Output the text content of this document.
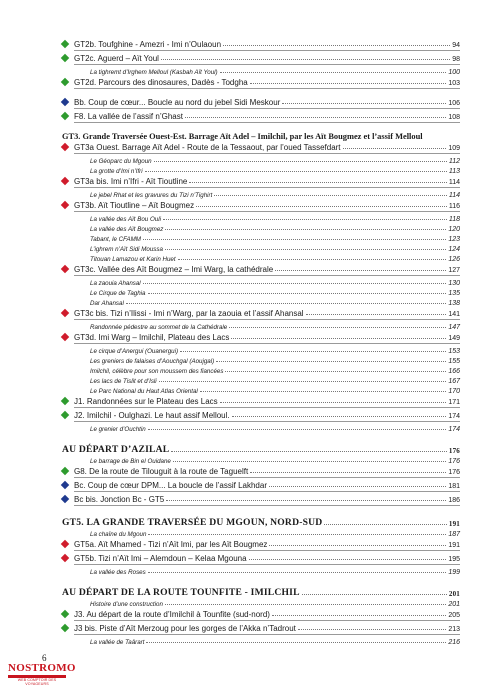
GT2b. Toufghine - Amezri - Imi n’Oulaoun	94
GT2c. Aguerd – Aït Youl	98
La tighremt d’Irghem Melloul (Kasbah Aït Youl)	100
GT2d. Parcours des dinosaures, Dadès - Todgha	103
Bb. Coup de cœur... Boucle au nord du jebel Sidi Meskour	106
F8. La vallée de l’assif n’Ghast	108
GT3. Grande Traversée Ouest-Est. Barrage Aït Adel – Imilchil, par les Aït Bougmez et l’assif Melloul
GT3a Ouest. Barrage Aït Adel - Route de la Tessaout, par l’oued Tassefdart	109
Le Géoparc du Mgoun	112
La grotte d’Imi n’Ifri	113
GT3a bis. Imi n’Ifri - Aït Tioutline	114
Le jebel Rhat et les gravures du Tizi n’Tighirt	114
GT3b. Aït Tioutline – Aït Bougmez	116
La vallée des Aït Bou Ouli	118
La vallée des Aït Bougmez	120
Tabant, le CFAMM	123
L’ighrem n’Aït Sidi Moussa	124
Titouan Lamazou et Karin Huet	126
GT3c. Vallée des Aït Bougmez – Imi Warg, la cathédrale	127
La zaouia Ahansal	130
Le Cirque de Taghia	135
Dar Ahansal	138
GT3c bis. Tizi n’Ilissi - Imi n’Warg, par la zaouia et l’assif Ahansal	141
Randonnée pédestre au sommet de la Cathédrale	147
GT3d. Imi Warg – Imilchil, Plateau des Lacs	149
Le cirque d’Anergui (Ouanergui)	153
Les greniers de falaises d’Aouchgal (Aoujgal)	155
Imilchil, célèbre pour son moussem des fiancées	166
Les lacs de Tislit et d’Isli	167
Le Parc National du Haut Atlas Oriental	170
J1. Randonnées sur le Plateau des Lacs	171
J2. Imilchil - Oulghazi. Le haut assif Melloul.	174
Le grenier d’Ouchtin	174
AU DÉPART D’AZILAL	176
Le barrage de Bin el Ouidane	176
G8. De la route de Tilouguit à la route de Taguelft	176
Bc. Coup de cœur DPM... La boucle de l’assif Lakhdar	181
Bc bis. Jonction Bc - GT5	186
GT5. LA GRANDE TRAVERSÉE DU MGOUN, NORD-SUD	191
La chaîne du Mgoun	187
GT5a. Aït Mhamed - Tizi n’Aït Imi, par les Aït Bougmez	191
GT5b. Tizi n’Aït Imi – Alemdoun – Kelaa Mgouna	195
La vallée des Roses	199
AU DÉPART DE LA ROUTE TOUNFITE - IMILCHIL	201
Histoire d’une construction	201
J3. Au départ de la route d’Imilchil à Tounfite (sud-nord)	205
J3 bis. Piste d’Aït Merzoug pour les gorges de l’Akka n’Tadrout	213
La vallée de Taârart	216
6
NOSTROMO
WEB COMPTOIR DES VOYAGEURS
